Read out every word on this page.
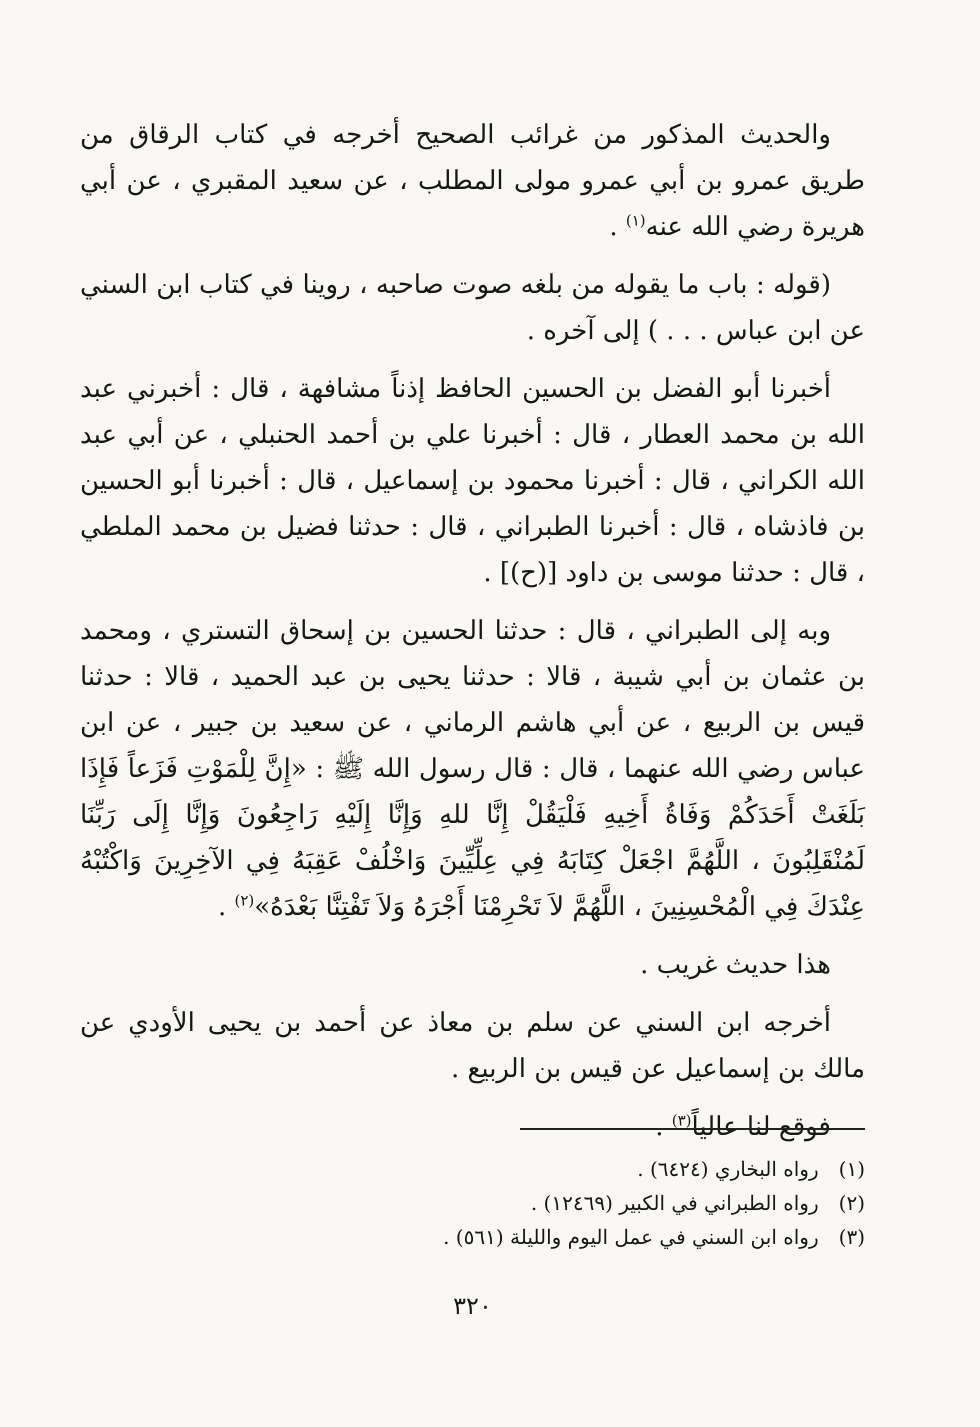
والحديث المذكور من غرائب الصحيح أخرجه في كتاب الرقاق من طريق عمرو بن أبي عمرو مولى المطلب ، عن سعيد المقبري ، عن أبي هريرة رضي الله عنه$^{(١)}$ .

(قوله : باب ما يقوله من بلغه صوت صاحبه ، روينا في كتاب ابن السني عن ابن عباس . . . ) إلى آخره .

أخبرنا أبو الفضل بن الحسين الحافظ إذناً مشافهة ، قال : أخبرني عبد الله بن محمد العطار ، قال : أخبرنا علي بن أحمد الحنبلي ، عن أبي عبد الله الكراني ، قال : أخبرنا محمود بن إسماعيل ، قال : أخبرنا أبو الحسين بن فاذشاه ، قال : أخبرنا الطبراني ، قال : حدثنا فضيل بن محمد الملطي ، قال : حدثنا موسى بن داود [(ح)] .

وبه إلى الطبراني ، قال : حدثنا الحسين بن إسحاق التستري ، ومحمد بن عثمان بن أبي شيبة ، قالا : حدثنا يحيى بن عبد الحميد ، قالا : حدثنا قيس بن الربيع ، عن أبي هاشم الرماني ، عن سعيد بن جبير ، عن ابن عباس رضي الله عنهما ، قال : قال رسول الله ﷺ : «إِنَّ لِلْمَوْتِ فَزَعاً فَإِذَا بَلَغَتْ أَحَدَكُمْ وَفَاةُ أَخِيهِ فَلْيَقُلْ إِنَّا للهِ وَإِنَّا إِلَيْهِ رَاجِعُونَ وَإِنَّا إِلَى رَبِّنَا لَمُنْقَلِبُونَ ، اللَّهُمَّ اجْعَلْ كِتَابَهُ فِي عِلِّيِّينَ وَاخْلُفْ عَقِبَهُ فِي الآخِرِينَ وَاكْتُبْهُ عِنْدَكَ فِي الْمُحْسِنِينَ ، اللَّهُمَّ لاَ تَحْرِمْنَا أَجْرَهُ وَلاَ تَفْتِنَّا بَعْدَهُ»$^{(٢)}$ .

هذا حديث غريب .

أخرجه ابن السني عن سلم بن معاذ عن أحمد بن يحيى الأودي عن مالك بن إسماعيل عن قيس بن الربيع .

فوقع لنا عالياً$^{(٣)}$ .

(١)
رواه البخاري (٦٤٢٤) .
(٢)
رواه الطبراني في الكبير (١٢٤٦٩) .
(٣)
رواه ابن السني في عمل اليوم والليلة (٥٦١) .
٣٢٠
